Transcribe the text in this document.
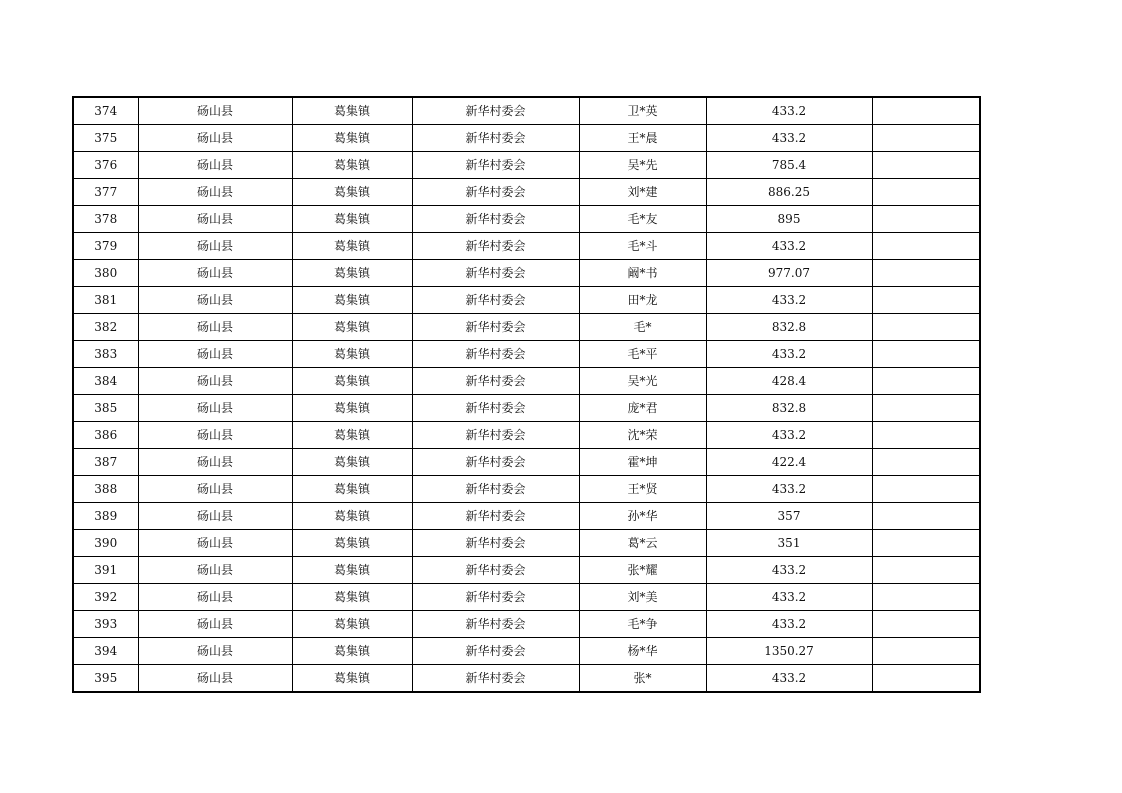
374	砀山县	葛集镇	新华村委会	卫*英	433.2	
375	砀山县	葛集镇	新华村委会	王*晨	433.2	
376	砀山县	葛集镇	新华村委会	吴*先	785.4	
377	砀山县	葛集镇	新华村委会	刘*建	886.25	
378	砀山县	葛集镇	新华村委会	毛*友	895	
379	砀山县	葛集镇	新华村委会	毛*斗	433.2	
380	砀山县	葛集镇	新华村委会	阚*书	977.07	
381	砀山县	葛集镇	新华村委会	田*龙	433.2	
382	砀山县	葛集镇	新华村委会	毛*	832.8	
383	砀山县	葛集镇	新华村委会	毛*平	433.2	
384	砀山县	葛集镇	新华村委会	吴*光	428.4	
385	砀山县	葛集镇	新华村委会	庞*君	832.8	
386	砀山县	葛集镇	新华村委会	沈*荣	433.2	
387	砀山县	葛集镇	新华村委会	霍*坤	422.4	
388	砀山县	葛集镇	新华村委会	王*贤	433.2	
389	砀山县	葛集镇	新华村委会	孙*华	357	
390	砀山县	葛集镇	新华村委会	葛*云	351	
391	砀山县	葛集镇	新华村委会	张*耀	433.2	
392	砀山县	葛集镇	新华村委会	刘*美	433.2	
393	砀山县	葛集镇	新华村委会	毛*争	433.2	
394	砀山县	葛集镇	新华村委会	杨*华	1350.27	
395	砀山县	葛集镇	新华村委会	张*	433.2	
